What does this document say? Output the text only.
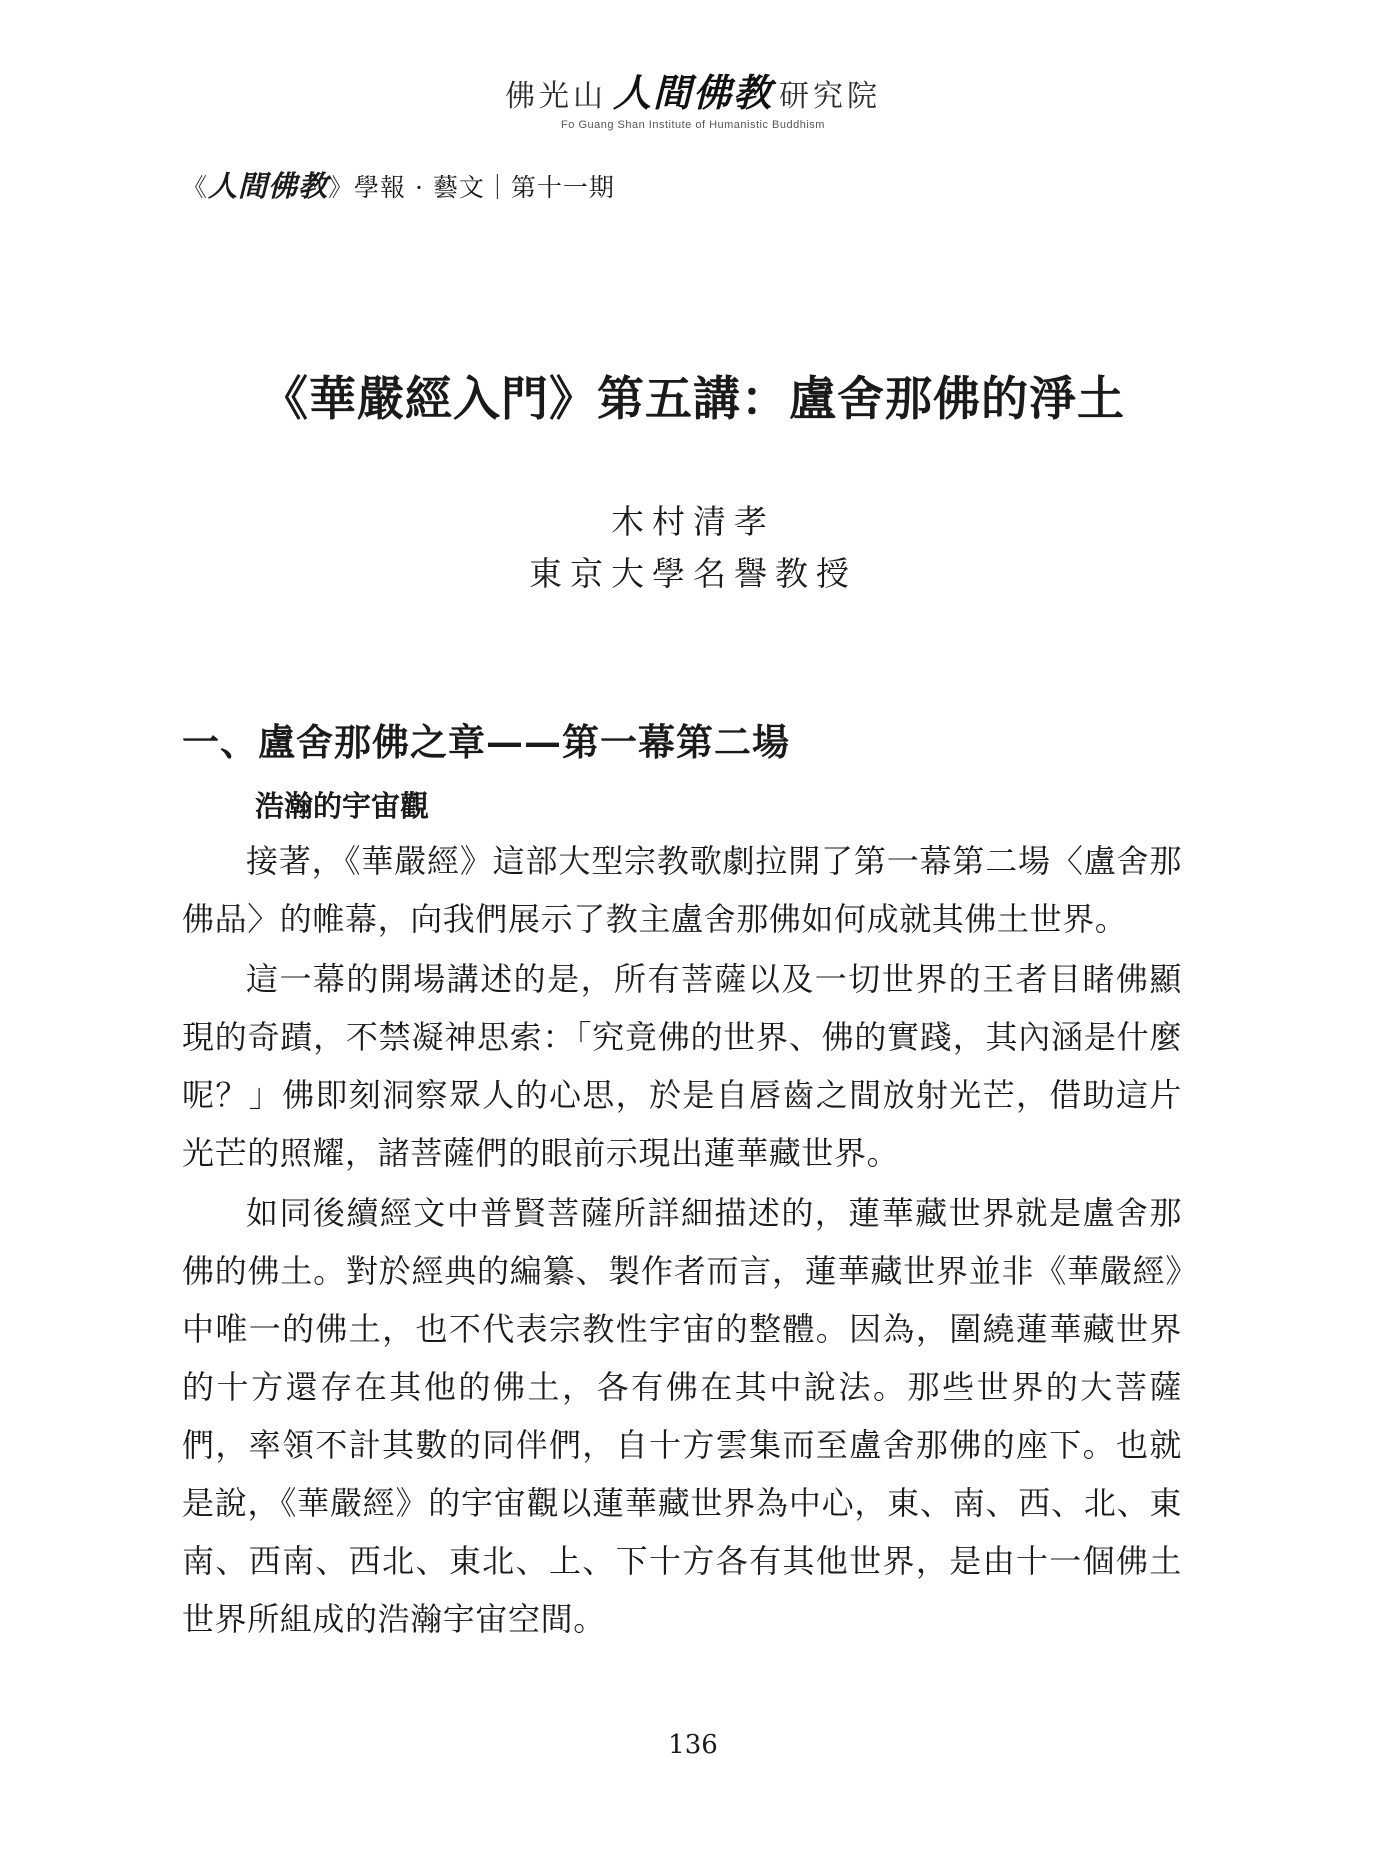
佛光山 人間佛教 研究院
Fo Guang Shan Institute of Humanistic Buddhism
《人間佛教》學報 · 藝文｜第十一期
《華嚴經入門》第五講：盧舍那佛的淨土
木村清孝
東京大學名譽教授
一、盧舍那佛之章——第一幕第二場
浩瀚的宇宙觀

接著，《華嚴經》這部大型宗教歌劇拉開了第一幕第二場〈盧舍那佛品〉的帷幕，向我們展示了教主盧舍那佛如何成就其佛土世界。

這一幕的開場講述的是，所有菩薩以及一切世界的王者目睹佛顯現的奇蹟，不禁凝神思索：「究竟佛的世界、佛的實踐，其內涵是什麼呢？」佛即刻洞察眾人的心思，於是自唇齒之間放射光芒，借助這片光芒的照耀，諸菩薩們的眼前示現出蓮華藏世界。

如同後續經文中普賢菩薩所詳細描述的，蓮華藏世界就是盧舍那佛的佛土。對於經典的編纂、製作者而言，蓮華藏世界並非《華嚴經》中唯一的佛土，也不代表宗教性宇宙的整體。因為，圍繞蓮華藏世界的十方還存在其他的佛土，各有佛在其中說法。那些世界的大菩薩們，率領不計其數的同伴們，自十方雲集而至盧舍那佛的座下。也就是說，《華嚴經》的宇宙觀以蓮華藏世界為中心，東、南、西、北、東南、西南、西北、東北、上、下十方各有其他世界，是由十一個佛土世界所組成的浩瀚宇宙空間。

136
